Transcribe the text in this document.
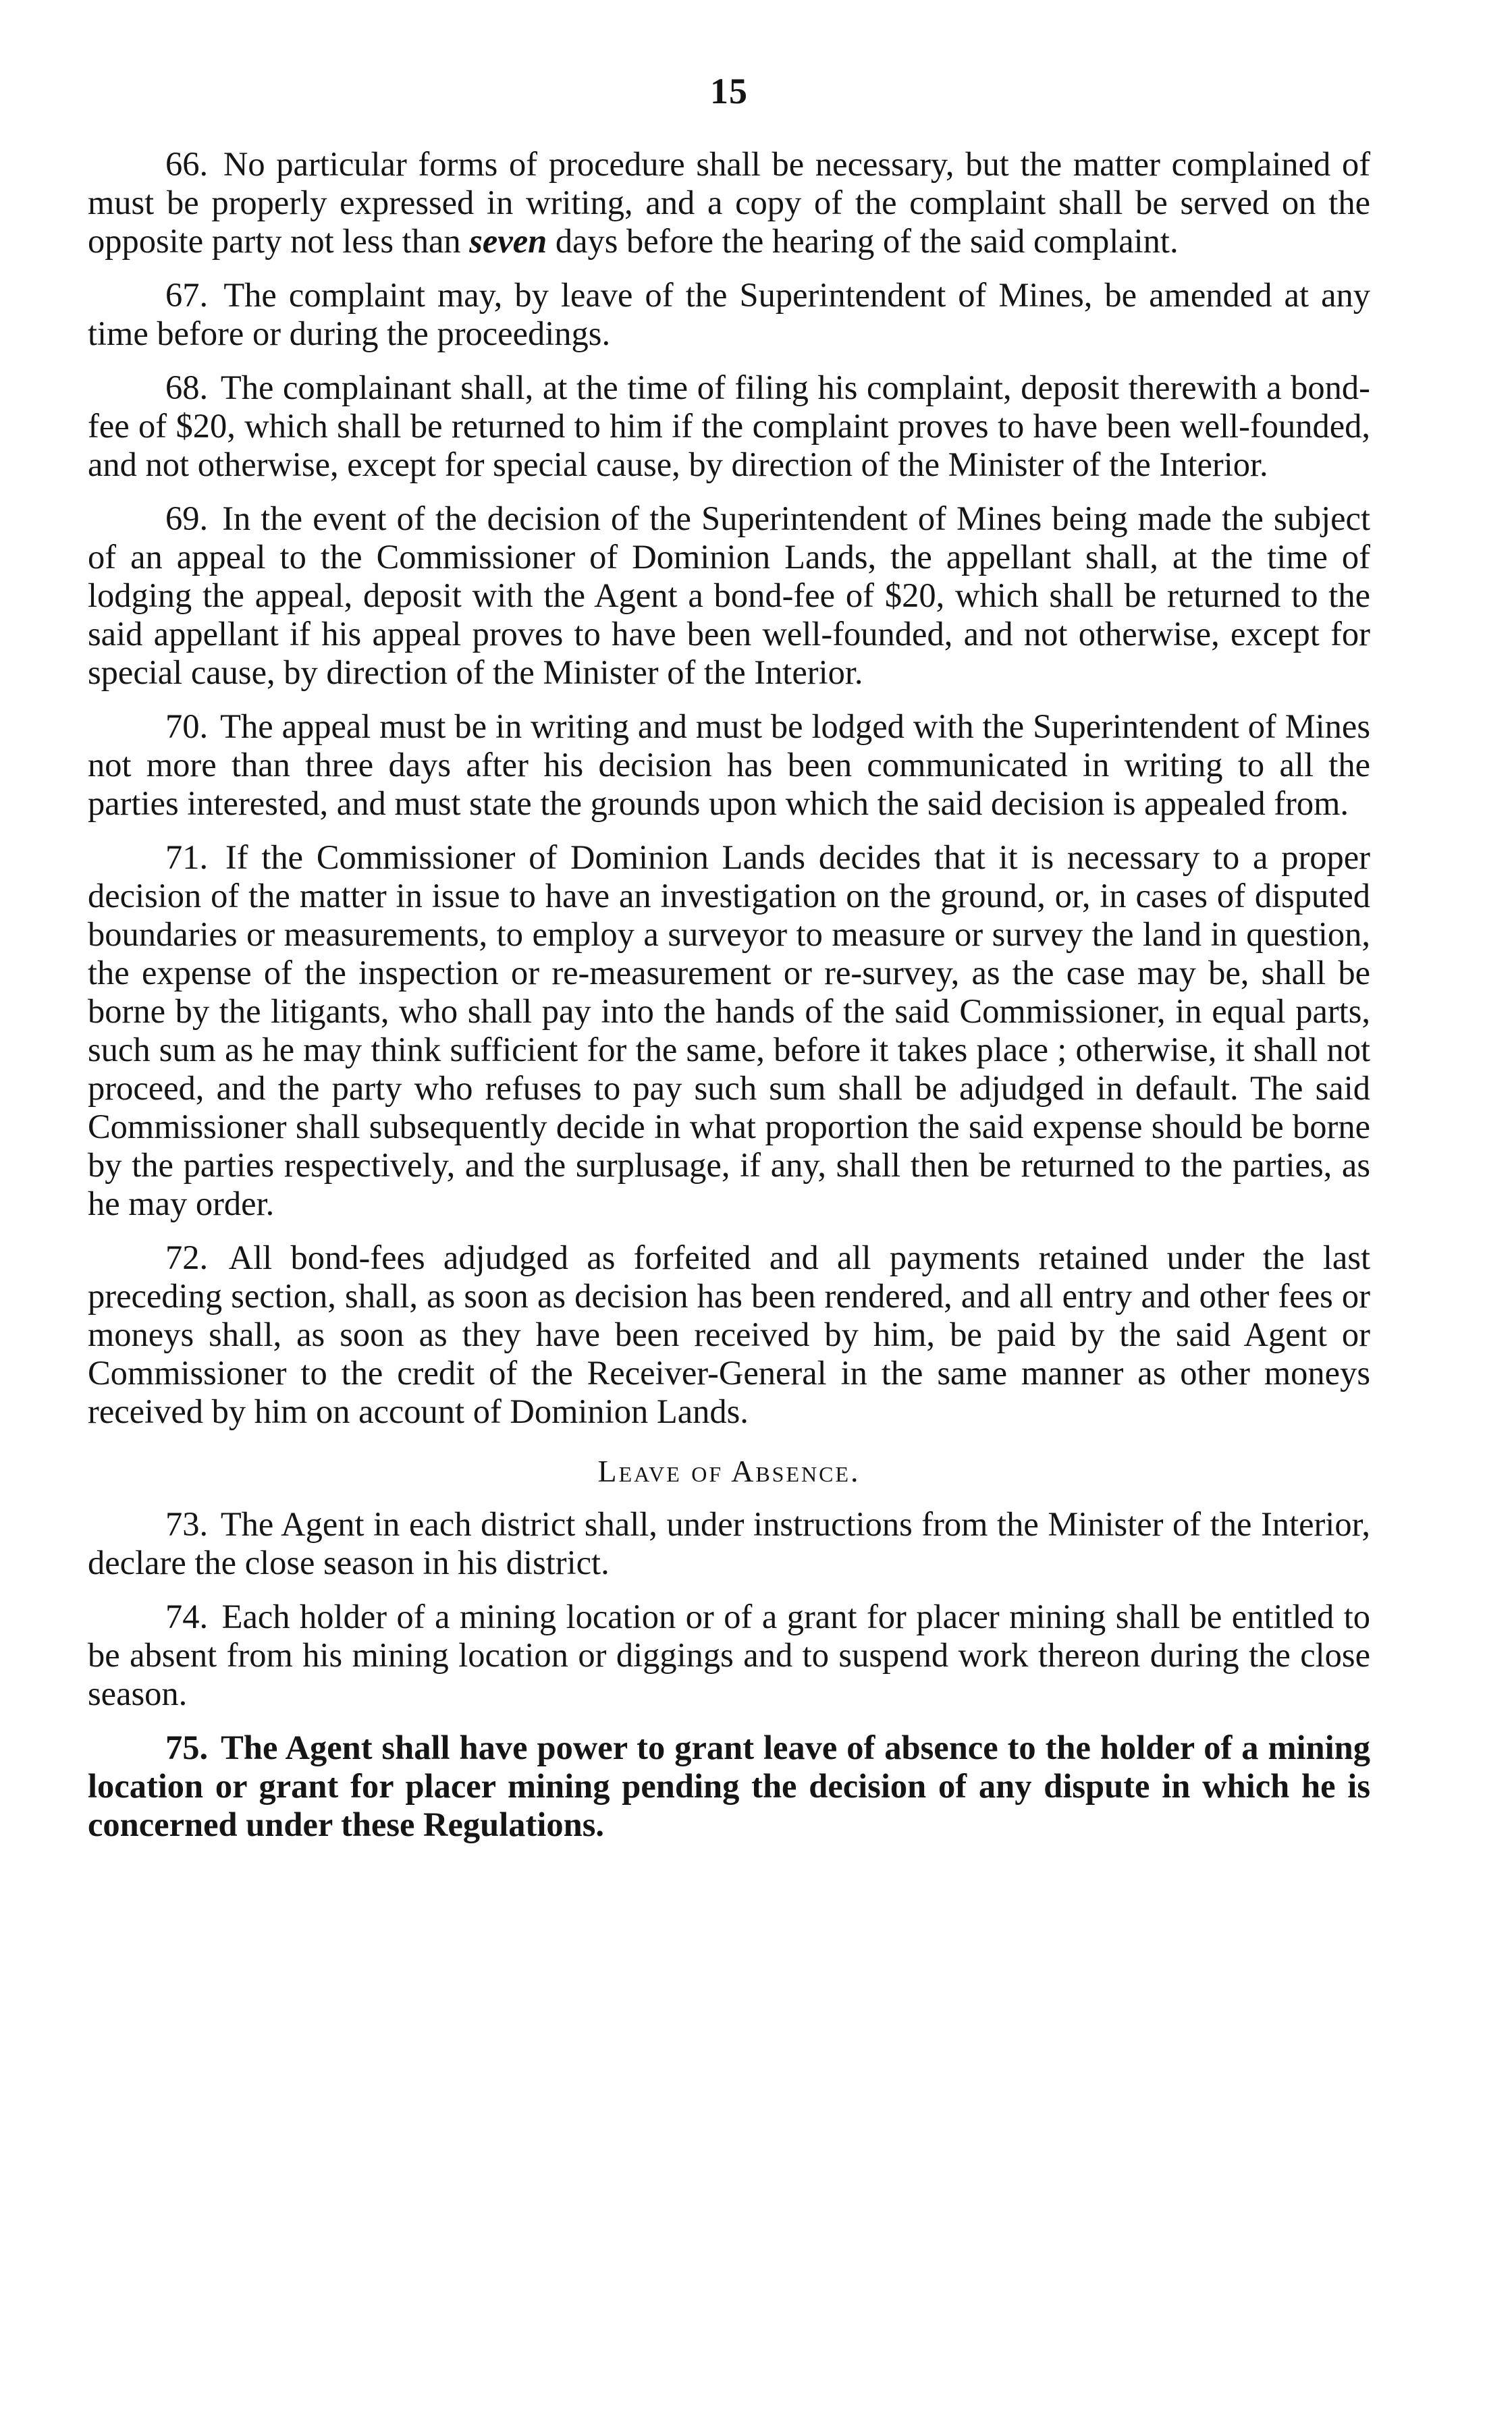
15

66. No particular forms of procedure shall be necessary, but the matter complained of must be properly expressed in writing, and a copy of the complaint shall be served on the opposite party not less than seven days before the hearing of the said complaint.

67. The complaint may, by leave of the Superintendent of Mines, be amended at any time before or during the proceedings.

68. The complainant shall, at the time of filing his complaint, deposit therewith a bond-fee of $20, which shall be returned to him if the complaint proves to have been well-founded, and not otherwise, except for special cause, by direction of the Minister of the Interior.

69. In the event of the decision of the Superintendent of Mines being made the subject of an appeal to the Commissioner of Dominion Lands, the appellant shall, at the time of lodging the appeal, deposit with the Agent a bond-fee of $20, which shall be returned to the said appellant if his appeal proves to have been well-founded, and not otherwise, except for special cause, by direction of the Minister of the Interior.

70. The appeal must be in writing and must be lodged with the Superintendent of Mines not more than three days after his decision has been communicated in writing to all the parties interested, and must state the grounds upon which the said decision is appealed from.

71. If the Commissioner of Dominion Lands decides that it is necessary to a proper decision of the matter in issue to have an investigation on the ground, or, in cases of disputed boundaries or measurements, to employ a surveyor to measure or survey the land in question, the expense of the inspection or re-measurement or re-survey, as the case may be, shall be borne by the litigants, who shall pay into the hands of the said Commissioner, in equal parts, such sum as he may think sufficient for the same, before it takes place ; otherwise, it shall not proceed, and the party who refuses to pay such sum shall be adjudged in default. The said Commissioner shall subsequently decide in what proportion the said expense should be borne by the parties respectively, and the surplusage, if any, shall then be returned to the parties, as he may order.

72. All bond-fees adjudged as forfeited and all payments retained under the last preceding section, shall, as soon as decision has been rendered, and all entry and other fees or moneys shall, as soon as they have been received by him, be paid by the said Agent or Commissioner to the credit of the Receiver-General in the same manner as other moneys received by him on account of Dominion Lands.

Leave of Absence.

73. The Agent in each district shall, under instructions from the Minister of the Interior, declare the close season in his district.

74. Each holder of a mining location or of a grant for placer mining shall be entitled to be absent from his mining location or diggings and to suspend work thereon during the close season.

75. The Agent shall have power to grant leave of absence to the holder of a mining location or grant for placer mining pending the decision of any dispute in which he is concerned under these Regulations.
